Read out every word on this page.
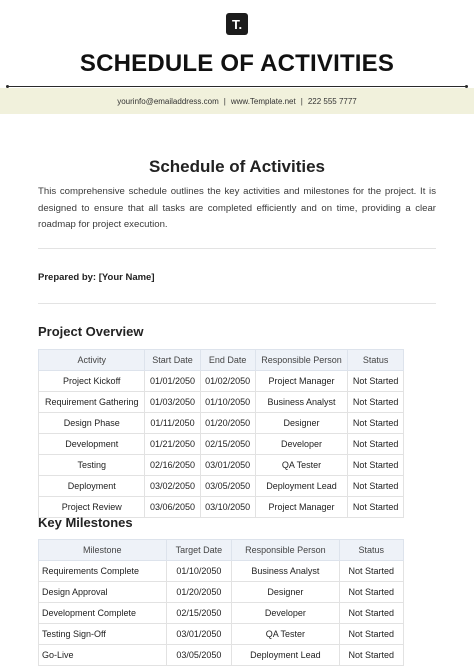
T.
SCHEDULE OF ACTIVITIES
yourinfo@emailaddress.com | www.Template.net | 222 555 7777
Schedule of Activities
This comprehensive schedule outlines the key activities and milestones for the project. It is designed to ensure that all tasks are completed efficiently and on time, providing a clear roadmap for project execution.
Prepared by: [Your Name]
Project Overview
Activity	Start Date	End Date	Responsible Person	Status
Project Kickoff	01/01/2050	01/02/2050	Project Manager	Not Started
Requirement Gathering	01/03/2050	01/10/2050	Business Analyst	Not Started
Design Phase	01/11/2050	01/20/2050	Designer	Not Started
Development	01/21/2050	02/15/2050	Developer	Not Started
Testing	02/16/2050	03/01/2050	QA Tester	Not Started
Deployment	03/02/2050	03/05/2050	Deployment Lead	Not Started
Project Review	03/06/2050	03/10/2050	Project Manager	Not Started
Key Milestones
Milestone	Target Date	Responsible Person	Status
Requirements Complete	01/10/2050	Business Analyst	Not Started
Design Approval	01/20/2050	Designer	Not Started
Development Complete	02/15/2050	Developer	Not Started
Testing Sign-Off	03/01/2050	QA Tester	Not Started
Go-Live	03/05/2050	Deployment Lead	Not Started
